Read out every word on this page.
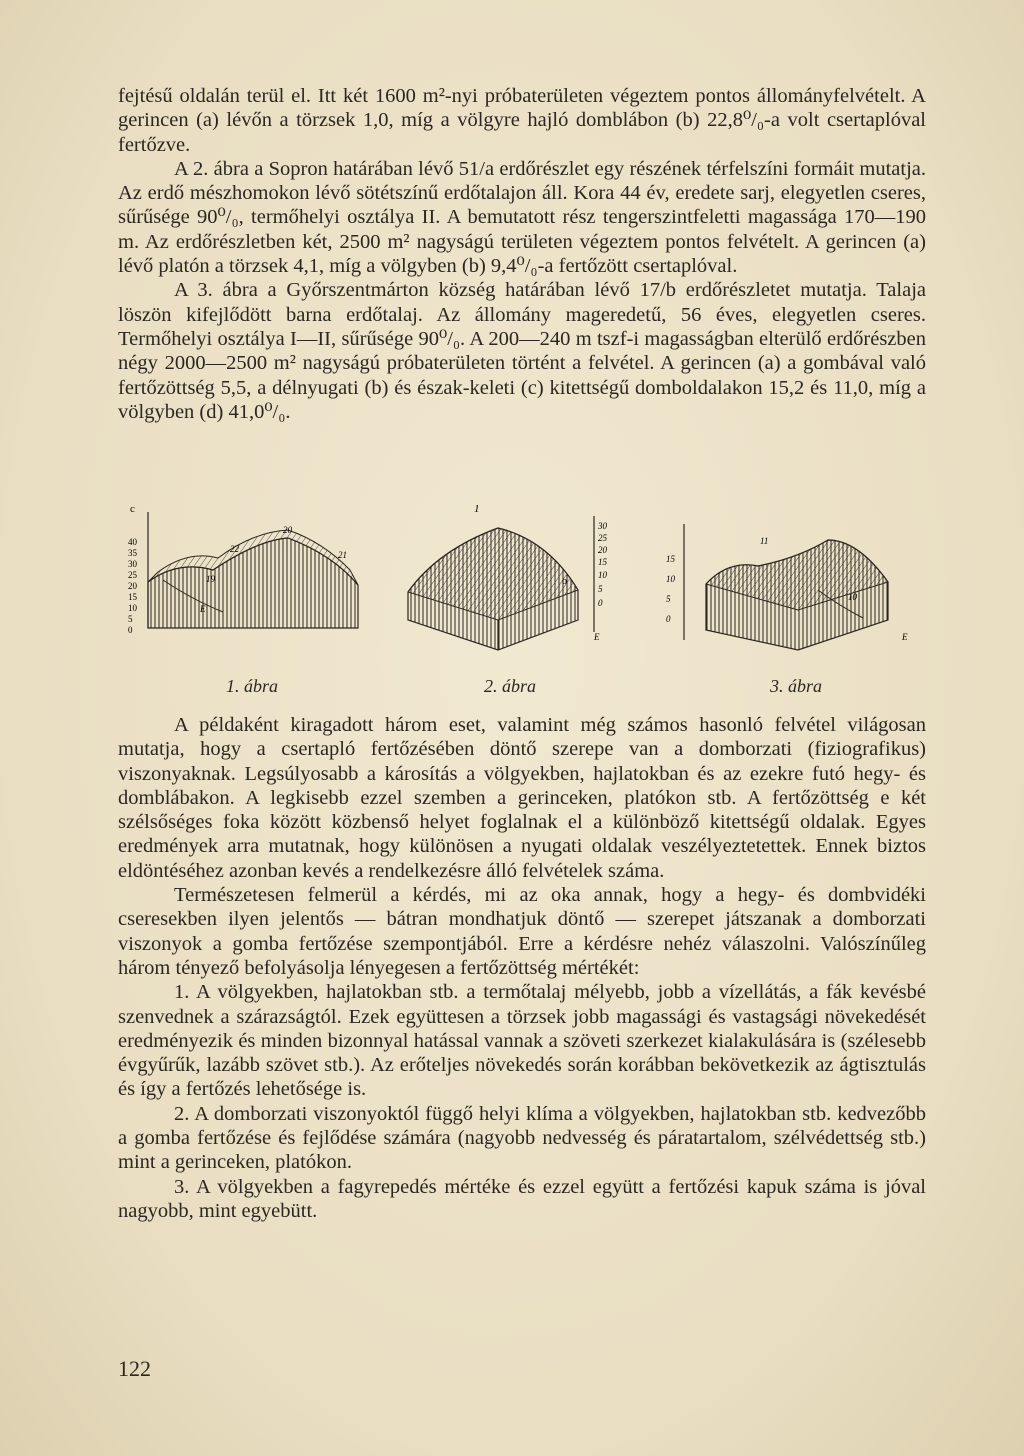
fejtésű oldalán terül el. Itt két 1600 m²-nyi próbaterületen végeztem pontos állományfelvételt. A gerincen (a) lévőn a törzsek 1,0, míg a völgyre hajló domblábon (b) 22,8⁰/₀-a volt csertaplóval fertőzve.

A 2. ábra a Sopron határában lévő 51/a erdőrészlet egy részének térfelszíni formáit mutatja. Az erdő mészhomokon lévő sötétszínű erdőtalajon áll. Kora 44 év, eredete sarj, elegyetlen cseres, sűrűsége 90⁰/₀, termőhelyi osztálya II. A bemutatott rész tengerszintfeletti magassága 170—190 m. Az erdőrészletben két, 2500 m² nagyságú területen végeztem pontos felvételt. A gerincen (a) lévő platón a törzsek 4,1, míg a völgyben (b) 9,4⁰/₀-a fertőzött csertaplóval.

A 3. ábra a Győrszentmárton község határában lévő 17/b erdőrészletet mutatja. Talaja löszön kifejlődött barna erdőtalaj. Az állomány mageredetű, 56 éves, elegyetlen cseres. Termőhelyi osztálya I—II, sűrűsége 90⁰/₀. A 200—240 m tszf-i magasságban elterülő erdőrészben négy 2000—2500 m² nagyságú próbaterületen történt a felvétel. A gerincen (a) a gombával való fertőzöttség 5,5, a délnyugati (b) és észak-keleti (c) kitettségű domboldalakon 15,2 és 11,0, míg a völgyben (d) 41,0⁰/₀.

c
40
35
30
25
20
15
10
5
0
20
22
21
19
E
1
o
E
30
25
20
15
10
5
0
15
10
5
0
11
10
E
1. ábra	2. ábra	3. ábra

A példaként kiragadott három eset, valamint még számos hasonló felvétel világosan mutatja, hogy a csertapló fertőzésében döntő szerepe van a domborzati (fiziografikus) viszonyaknak. Legsúlyosabb a károsítás a völgyekben, hajlatokban és az ezekre futó hegy- és domblábakon. A legkisebb ezzel szemben a gerinceken, platókon stb. A fertőzöttség e két szélsőséges foka között közbenső helyet foglalnak el a különböző kitettségű oldalak. Egyes eredmények arra mutatnak, hogy különösen a nyugati oldalak veszélyeztetettek. Ennek biztos eldöntéséhez azonban kevés a rendelkezésre álló felvételek száma.

Természetesen felmerül a kérdés, mi az oka annak, hogy a hegy- és dombvidéki cseresekben ilyen jelentős — bátran mondhatjuk döntő — szerepet játszanak a domborzati viszonyok a gomba fertőzése szempontjából. Erre a kérdésre nehéz válaszolni. Valószínűleg három tényező befolyásolja lényegesen a fertőzöttség mértékét:

1. A völgyekben, hajlatokban stb. a termőtalaj mélyebb, jobb a vízellátás, a fák kevésbé szenvednek a szárazságtól. Ezek együttesen a törzsek jobb magassági és vastagsági növekedését eredményezik és minden bizonnyal hatással vannak a szöveti szerkezet kialakulására is (szélesebb évgyűrűk, lazább szövet stb.). Az erőteljes növekedés során korábban bekövetkezik az ágtisztulás és így a fertőzés lehetősége is.

2. A domborzati viszonyoktól függő helyi klíma a völgyekben, hajlatokban stb. kedvezőbb a gomba fertőzése és fejlődése számára (nagyobb nedvesség és páratartalom, szélvédettség stb.) mint a gerinceken, platókon.

3. A völgyekben a fagyrepedés mértéke és ezzel együtt a fertőzési kapuk száma is jóval nagyobb, mint egyebütt.

122
